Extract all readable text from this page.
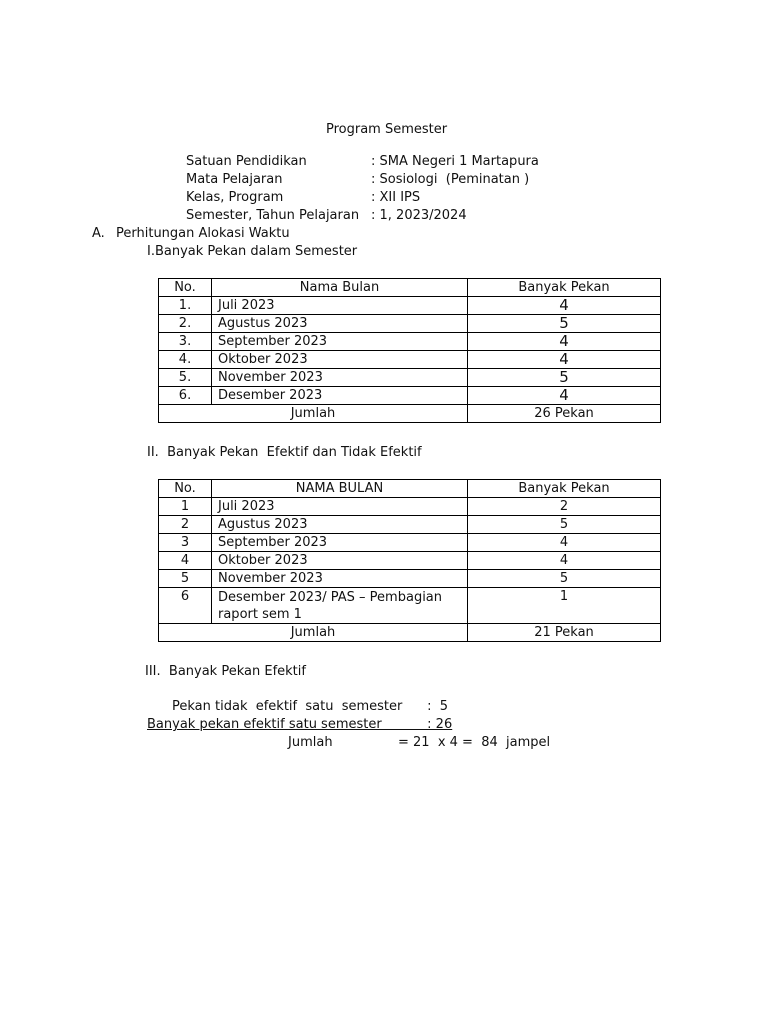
Program Semester
Satuan Pendidikan	: SMA Negeri 1 Martapura
Mata Pelajaran	: Sosiologi  (Peminatan )
Kelas, Program	: XII IPS
Semester, Tahun Pelajaran : 1, 2023/2024
A. Perhitungan Alokasi Waktu
I.Banyak Pekan dalam Semester
No.	Nama Bulan	Banyak Pekan
1.	Juli 2023	4
2.	Agustus 2023	5
3.	September 2023	4
4.	Oktober 2023	4
5.	November 2023	5
6.	Desember 2023	4
Jumlah		26 Pekan
II.  Banyak Pekan  Efektif dan Tidak Efektif
No.	NAMA BULAN	Banyak Pekan
1	Juli 2023	2
2	Agustus 2023	5
3	September 2023	4
4	Oktober 2023	4
5	November 2023	5
6	Desember 2023/ PAS – Pembagian raport sem 1	1
Jumlah		21 Pekan
III.  Banyak Pekan Efektif
Pekan tidak  efektif  satu  semester      :  5
Banyak pekan efektif satu semester           : 26
Jumlah	= 21  x 4 =  84  jampel
